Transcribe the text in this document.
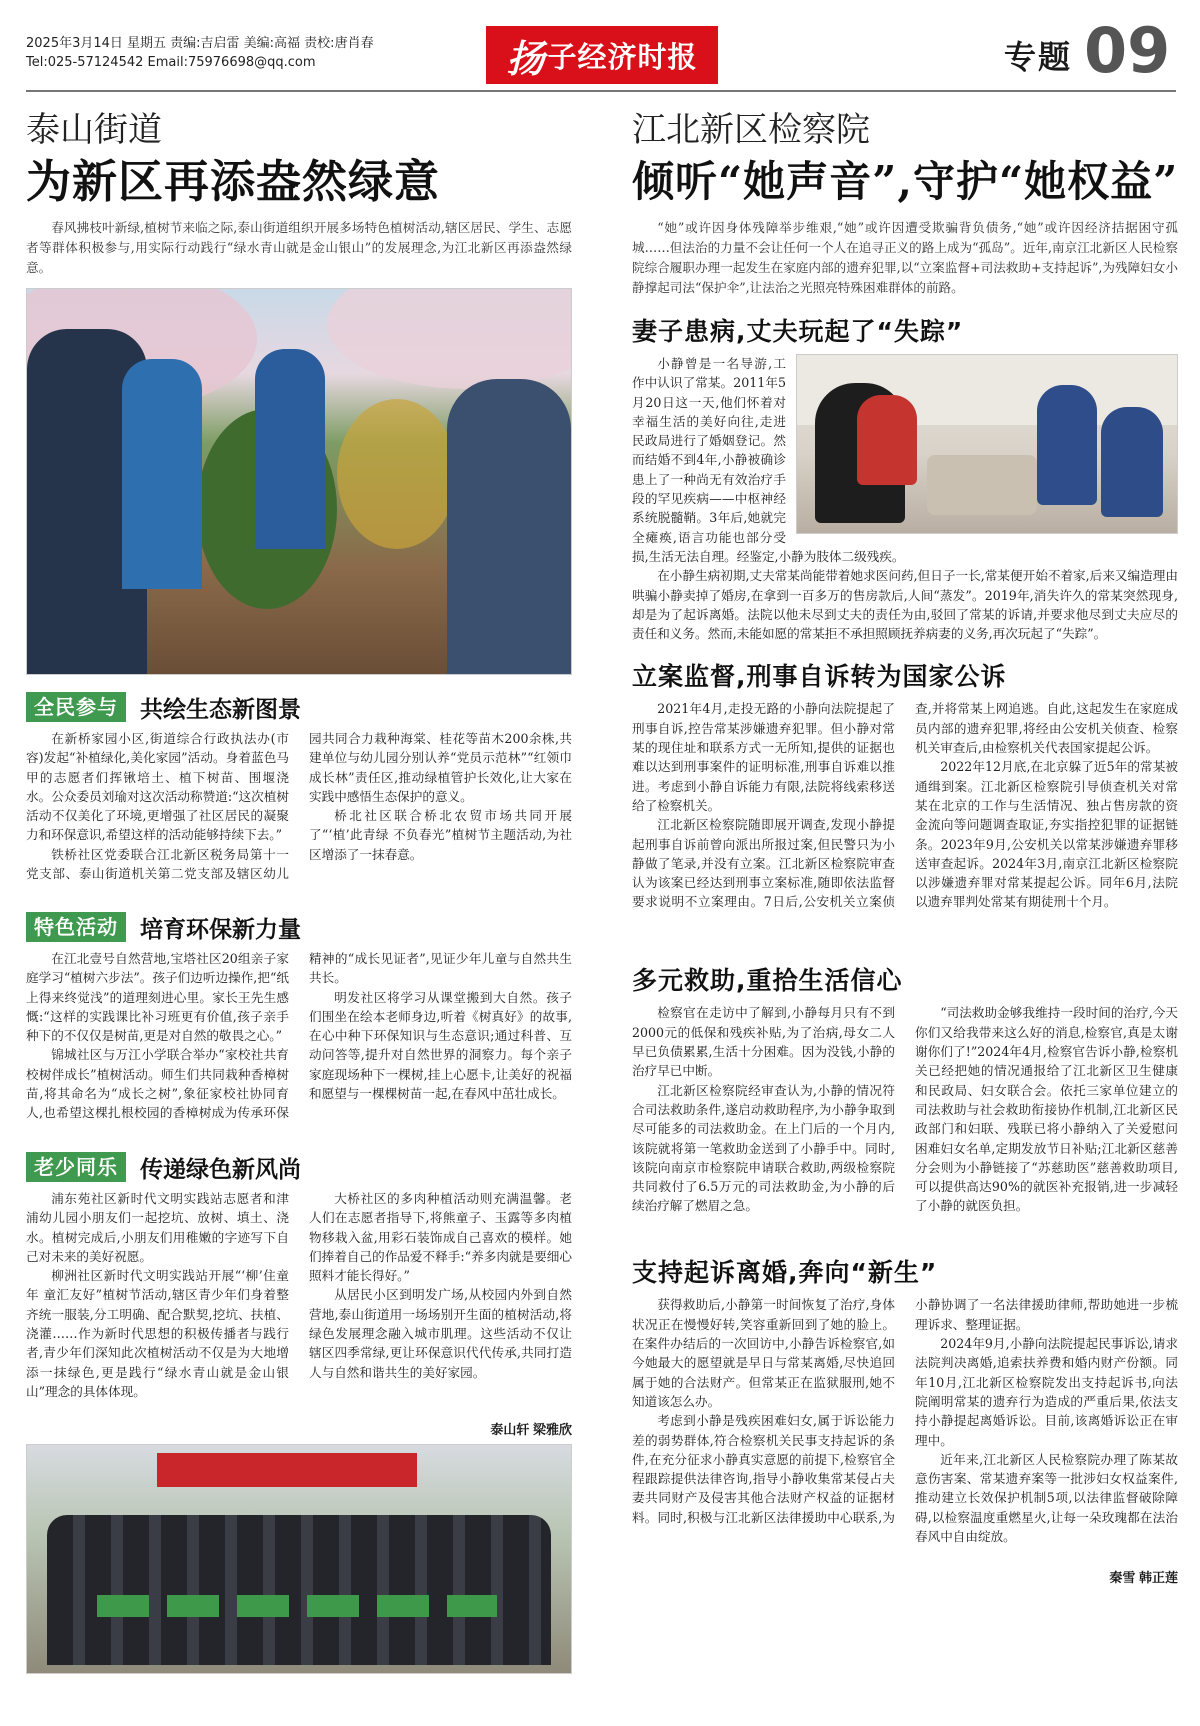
2025年3月14日 星期五 责编:吉启雷 美编:高福 责校:唐肖春
Tel:025-57124542 Email:75976698@qq.com	扬 子经济时报	专题 09
泰山街道
为新区再添盎然绿意

春风拂枝叶新绿,植树节来临之际,泰山街道组织开展多场特色植树活动,辖区居民、学生、志愿者等群体积极参与,用实际行动践行“绿水青山就是金山银山”的发展理念,为江北新区再添盎然绿意。

全民参与 共绘生态新图景

在新桥家园小区,街道综合行政执法办(市容)发起“补植绿化,美化家园”活动。身着蓝色马甲的志愿者们挥锹培土、植下树苗、围堰浇水。公众委员刘瑜对这次活动称赞道:“这次植树活动不仅美化了环境,更增强了社区居民的凝聚力和环保意识,希望这样的活动能够持续下去。”

铁桥社区党委联合江北新区税务局第十一党支部、泰山街道机关第二党支部及辖区幼儿园共同合力栽种海棠、桂花等苗木200余株,共建单位与幼儿园分别认养“党员示范林”“红领巾成长林”责任区,推动绿植管护长效化,让大家在实践中感悟生态保护的意义。

桥北社区联合桥北农贸市场共同开展了“‘植’此青绿 不负春光”植树节主题活动,为社区增添了一抹春意。

特色活动 培育环保新力量

在江北壹号自然营地,宝塔社区20组亲子家庭学习“植树六步法”。孩子们边听边操作,把“纸上得来终觉浅”的道理刻进心里。家长王先生感慨:“这样的实践课比补习班更有价值,孩子亲手种下的不仅仅是树苗,更是对自然的敬畏之心。”

锦城社区与万江小学联合举办“家校社共育 校树伴成长”植树活动。师生们共同栽种香樟树苗,将其命名为“成长之树”,象征家校社协同育人,也希望这棵扎根校园的香樟树成为传承环保精神的“成长见证者”,见证少年儿童与自然共生共长。

明发社区将学习从课堂搬到大自然。孩子们围坐在绘本老师身边,听着《树真好》的故事,在心中种下环保知识与生态意识;通过科普、互动问答等,提升对自然世界的洞察力。每个亲子家庭现场种下一棵树,挂上心愿卡,让美好的祝福和愿望与一棵棵树苗一起,在春风中茁壮成长。

老少同乐 传递绿色新风尚

浦东苑社区新时代文明实践站志愿者和津浦幼儿园小朋友们一起挖坑、放树、填土、浇水。植树完成后,小朋友们用稚嫩的字迹写下自己对未来的美好祝愿。

柳洲社区新时代文明实践站开展“‘柳’住童年 童汇友好”植树节活动,辖区青少年们身着整齐统一服装,分工明确、配合默契,挖坑、扶植、浇灌……作为新时代思想的积极传播者与践行者,青少年们深知此次植树活动不仅是为大地增添一抹绿色,更是践行“绿水青山就是金山银山”理念的具体体现。

大桥社区的多肉种植活动则充满温馨。老人们在志愿者指导下,将熊童子、玉露等多肉植物移栽入盆,用彩石装饰成自己喜欢的模样。她们捧着自己的作品爱不释手:“养多肉就是要细心照料才能长得好。”

从居民小区到明发广场,从校园内外到自然营地,泰山街道用一场场别开生面的植树活动,将绿色发展理念融入城市肌理。这些活动不仅让辖区四季常绿,更让环保意识代代传承,共同打造人与自然和谐共生的美好家园。

泰山轩 梁雅欣
江北新区检察院
倾听“她声音”,守护“她权益”

“她”或许因身体残障举步维艰,“她”或许因遭受欺骗背负债务,“她”或许因经济拮据困守孤城……但法治的力量不会让任何一个人在追寻正义的路上成为“孤岛”。近年,南京江北新区人民检察院综合履职办理一起发生在家庭内部的遗弃犯罪,以“立案监督+司法救助+支持起诉”,为残障妇女小静撑起司法“保护伞”,让法治之光照亮特殊困难群体的前路。

妻子患病,丈夫玩起了“失踪”

小静曾是一名导游,工作中认识了常某。2011年5月20日这一天,他们怀着对幸福生活的美好向往,走进民政局进行了婚姻登记。然而结婚不到4年,小静被确诊患上了一种尚无有效治疗手段的罕见疾病——中枢神经系统脱髓鞘。3年后,她就完全瘫痪,语言功能也部分受损,生活无法自理。经鉴定,小静为肢体二级残疾。

在小静生病初期,丈夫常某尚能带着她求医问药,但日子一长,常某便开始不着家,后来又编造理由哄骗小静卖掉了婚房,在拿到一百多万的售房款后,人间“蒸发”。2019年,消失许久的常某突然现身,却是为了起诉离婚。法院以他未尽到丈夫的责任为由,驳回了常某的诉请,并要求他尽到丈夫应尽的责任和义务。然而,未能如愿的常某拒不承担照顾抚养病妻的义务,再次玩起了“失踪”。

立案监督,刑事自诉转为国家公诉

2021年4月,走投无路的小静向法院提起了刑事自诉,控告常某涉嫌遗弃犯罪。但小静对常某的现住址和联系方式一无所知,提供的证据也难以达到刑事案件的证明标准,刑事自诉难以推进。考虑到小静自诉能力有限,法院将线索移送给了检察机关。

江北新区检察院随即展开调查,发现小静提起刑事自诉前曾向派出所报过案,但民警只为小静做了笔录,并没有立案。江北新区检察院审查认为该案已经达到刑事立案标准,随即依法监督要求说明不立案理由。7日后,公安机关立案侦查,并将常某上网追逃。自此,这起发生在家庭成员内部的遗弃犯罪,将经由公安机关侦查、检察机关审查后,由检察机关代表国家提起公诉。

2022年12月底,在北京躲了近5年的常某被通缉到案。江北新区检察院引导侦查机关对常某在北京的工作与生活情况、独占售房款的资金流向等问题调查取证,夯实指控犯罪的证据链条。2023年9月,公安机关以常某涉嫌遗弃罪移送审查起诉。2024年3月,南京江北新区检察院以涉嫌遗弃罪对常某提起公诉。同年6月,法院以遗弃罪判处常某有期徒刑十个月。

多元救助,重拾生活信心

检察官在走访中了解到,小静每月只有不到2000元的低保和残疾补贴,为了治病,母女二人早已负债累累,生活十分困难。因为没钱,小静的治疗早已中断。

江北新区检察院经审查认为,小静的情况符合司法救助条件,遂启动救助程序,为小静争取到尽可能多的司法救助金。在上门后的一个月内,该院就将第一笔救助金送到了小静手中。同时,该院向南京市检察院申请联合救助,两级检察院共同救付了6.5万元的司法救助金,为小静的后续治疗解了燃眉之急。

“司法救助金够我维持一段时间的治疗,今天你们又给我带来这么好的消息,检察官,真是太谢谢你们了!”2024年4月,检察官告诉小静,检察机关已经把她的情况通报给了江北新区卫生健康和民政局、妇女联合会。依托三家单位建立的司法救助与社会救助衔接协作机制,江北新区民政部门和妇联、残联已将小静纳入了关爱慰问困难妇女名单,定期发放节日补贴;江北新区慈善分会则为小静链接了“苏慈助医”慈善救助项目,可以提供高达90%的就医补充报销,进一步减轻了小静的就医负担。

支持起诉离婚,奔向“新生”

获得救助后,小静第一时间恢复了治疗,身体状况正在慢慢好转,笑容重新回到了她的脸上。在案件办结后的一次回访中,小静告诉检察官,如今她最大的愿望就是早日与常某离婚,尽快追回属于她的合法财产。但常某正在监狱服刑,她不知道该怎么办。

考虑到小静是残疾困难妇女,属于诉讼能力差的弱势群体,符合检察机关民事支持起诉的条件,在充分征求小静真实意愿的前提下,检察官全程跟踪提供法律咨询,指导小静收集常某侵占夫妻共同财产及侵害其他合法财产权益的证据材料。同时,积极与江北新区法律援助中心联系,为小静协调了一名法律援助律师,帮助她进一步梳理诉求、整理证据。

2024年9月,小静向法院提起民事诉讼,请求法院判决离婚,追索扶养费和婚内财产份额。同年10月,江北新区检察院发出支持起诉书,向法院阐明常某的遗弃行为造成的严重后果,依法支持小静提起离婚诉讼。目前,该离婚诉讼正在审理中。

近年来,江北新区人民检察院办理了陈某故意伤害案、常某遗弃案等一批涉妇女权益案件,推动建立长效保护机制5项,以法律监督破除障碍,以检察温度重燃星火,让每一朵玫瑰都在法治春风中自由绽放。

秦雪 韩正莲
